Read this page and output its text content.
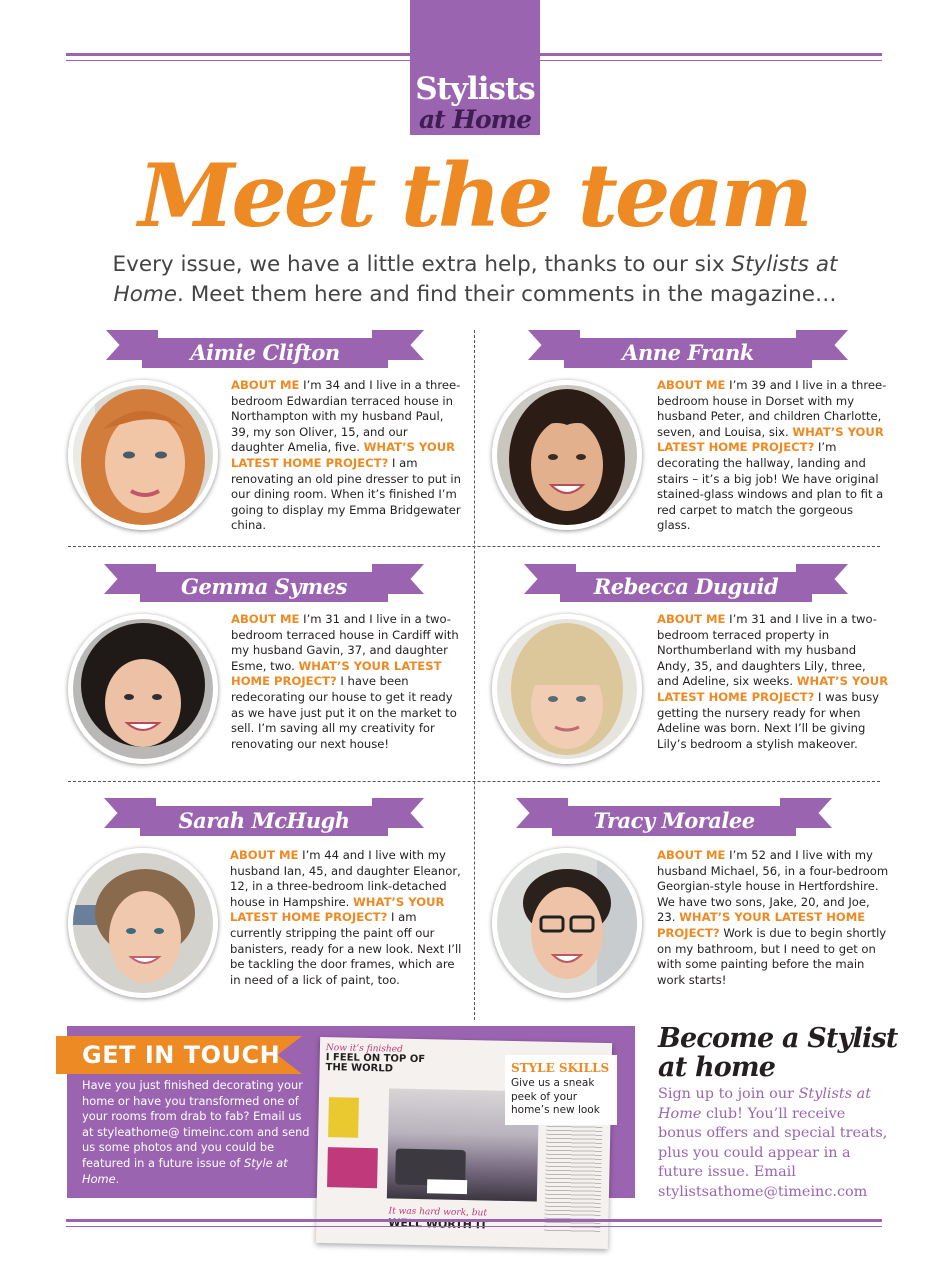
Stylists
at Home
Meet the team

Every issue, we have a little extra help, thanks to our six Stylists at Home. Meet them here and find their comments in the magazine…

Aimie Clifton
ABOUT ME I’m 34 and I live in a three-bedroom Edwardian terraced house in Northampton with my husband Paul, 39, my son Oliver, 15, and our daughter Amelia, five. WHAT’S YOUR LATEST HOME PROJECT? I am renovating an old pine dresser to put in our dining room. When it’s finished I’m going to display my Emma Bridgewater china.
Anne Frank
ABOUT ME I’m 39 and I live in a three-bedroom house in Dorset with my husband Peter, and children Charlotte, seven, and Louisa, six. WHAT’S YOUR LATEST HOME PROJECT? I’m decorating the hallway, landing and stairs – it’s a big job! We have original stained-glass windows and plan to fit a red carpet to match the gorgeous glass.
Gemma Symes
ABOUT ME I’m 31 and I live in a two-bedroom terraced house in Cardiff with my husband Gavin, 37, and daughter Esme, two. WHAT’S YOUR LATEST HOME PROJECT? I have been redecorating our house to get it ready as we have just put it on the market to sell. I’m saving all my creativity for renovating our next house!
Rebecca Duguid
ABOUT ME I’m 31 and I live in a two-bedroom terraced property in Northumberland with my husband Andy, 35, and daughters Lily, three, and Adeline, six weeks. WHAT’S YOUR LATEST HOME PROJECT? I was busy getting the nursery ready for when Adeline was born. Next I’ll be giving Lily’s bedroom a stylish makeover.
Sarah McHugh
ABOUT ME I’m 44 and I live with my husband Ian, 45, and daughter Eleanor, 12, in a three-bedroom link-detached house in Hampshire. WHAT’S YOUR LATEST HOME PROJECT? I am currently stripping the paint off our banisters, ready for a new look. Next I’ll be tackling the door frames, which are in need of a lick of paint, too.
Tracy Moralee
ABOUT ME I’m 52 and I live with my husband Michael, 56, in a four-bedroom Georgian-style house in Hertfordshire. We have two sons, Jake, 20, and Joe, 23. WHAT’S YOUR LATEST HOME PROJECT? Work is due to begin shortly on my bathroom, but I need to get on with some painting before the main work starts!
GET IN TOUCH
Have you just finished decorating your home or have you transformed one of your rooms from drab to fab? Email us at styleathome@ timeinc.com and send us some photos and you could be featured in a future issue of Style at Home.
Now it’s finished
I FEEL ON TOP OF THE WORLD
It was hard work, but
WELL WORTH IT
STYLE SKILLS
Give us a sneak peek of your home’s new look
Become a Stylist at home
Sign up to join our Stylists at Home club! You’ll receive bonus offers and special treats, plus you could appear in a future issue. Email stylistsathome@timeinc.com
